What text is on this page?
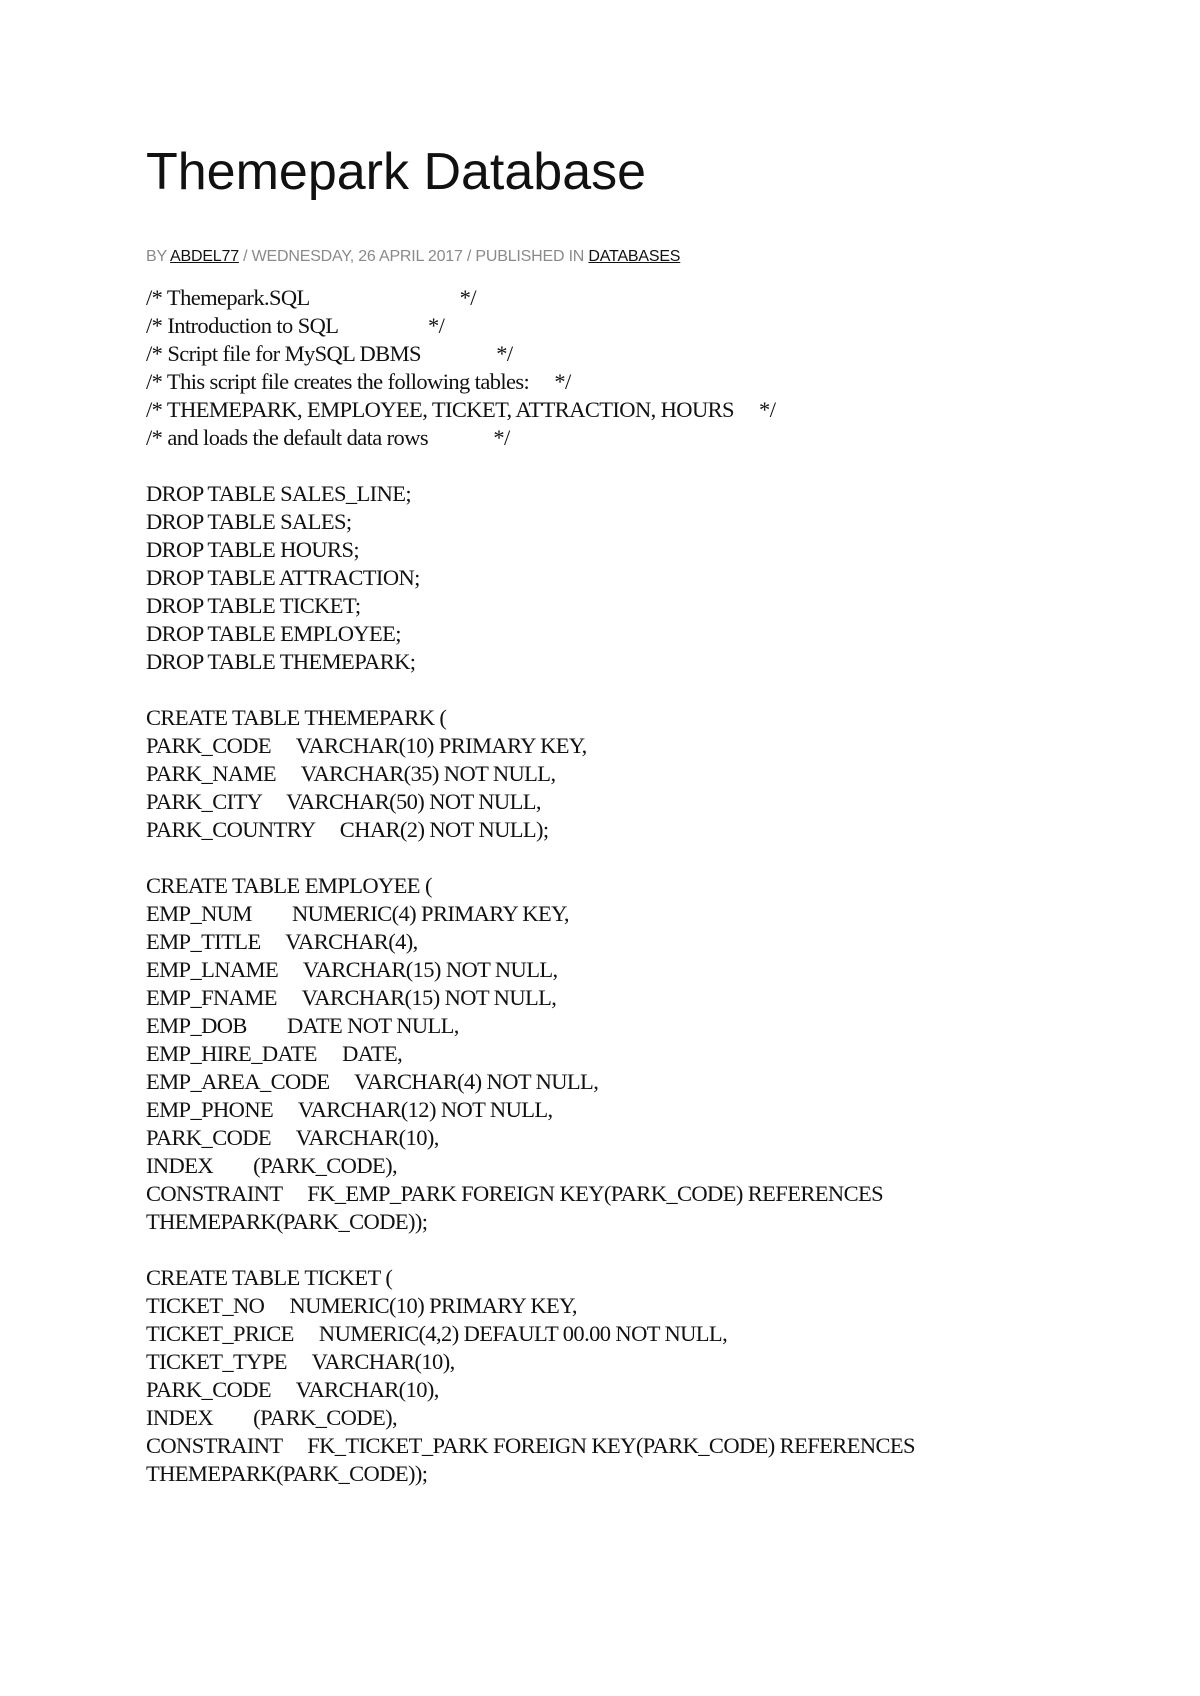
Themepark Database
BY ABDEL77 / WEDNESDAY, 26 APRIL 2017 / PUBLISHED IN DATABASES
/* Themepark.SQL                              */
/* Introduction to SQL                  */
/* Script file for MySQL DBMS               */
/* This script file creates the following tables:     */
/* THEMEPARK, EMPLOYEE, TICKET, ATTRACTION, HOURS     */
/* and loads the default data rows             */
DROP TABLE SALES_LINE;
DROP TABLE SALES;
DROP TABLE HOURS;
DROP TABLE ATTRACTION;
DROP TABLE TICKET;
DROP TABLE EMPLOYEE;
DROP TABLE THEMEPARK;
CREATE TABLE THEMEPARK (
PARK_CODE     VARCHAR(10) PRIMARY KEY,
PARK_NAME     VARCHAR(35) NOT NULL,
PARK_CITY     VARCHAR(50) NOT NULL,
PARK_COUNTRY     CHAR(2) NOT NULL);
CREATE TABLE EMPLOYEE (
EMP_NUM        NUMERIC(4) PRIMARY KEY,
EMP_TITLE     VARCHAR(4),
EMP_LNAME     VARCHAR(15) NOT NULL,
EMP_FNAME     VARCHAR(15) NOT NULL,
EMP_DOB        DATE NOT NULL,
EMP_HIRE_DATE     DATE,
EMP_AREA_CODE     VARCHAR(4) NOT NULL,
EMP_PHONE     VARCHAR(12) NOT NULL,
PARK_CODE     VARCHAR(10),
INDEX        (PARK_CODE),
CONSTRAINT     FK_EMP_PARK FOREIGN KEY(PARK_CODE) REFERENCES
THEMEPARK(PARK_CODE));
CREATE TABLE TICKET (
TICKET_NO     NUMERIC(10) PRIMARY KEY,
TICKET_PRICE     NUMERIC(4,2) DEFAULT 00.00 NOT NULL,
TICKET_TYPE     VARCHAR(10),
PARK_CODE     VARCHAR(10),
INDEX        (PARK_CODE),
CONSTRAINT     FK_TICKET_PARK FOREIGN KEY(PARK_CODE) REFERENCES
THEMEPARK(PARK_CODE));
